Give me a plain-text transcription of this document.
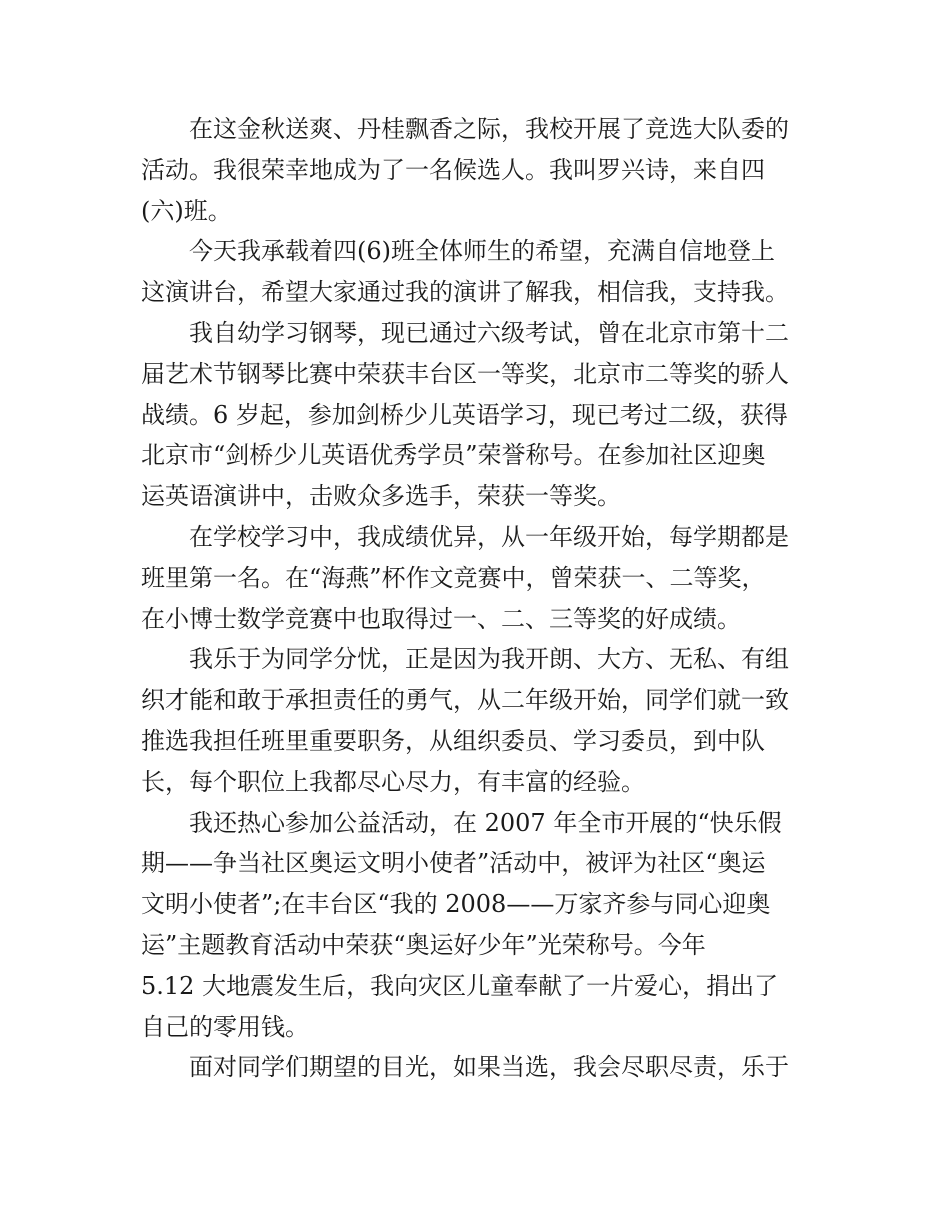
在这金秋送爽、丹桂飘香之际，我校开展了竞选大队委的
活动。我很荣幸地成为了一名候选人。我叫罗兴诗，来自四
(六)班。
今天我承载着四(6)班全体师生的希望，充满自信地登上
这演讲台，希望大家通过我的演讲了解我，相信我，支持我。
我自幼学习钢琴，现已通过六级考试，曾在北京市第十二
届艺术节钢琴比赛中荣获丰台区一等奖，北京市二等奖的骄人
战绩。6 岁起，参加剑桥少儿英语学习，现已考过二级，获得
北京市“剑桥少儿英语优秀学员”荣誉称号。在参加社区迎奥
运英语演讲中，击败众多选手，荣获一等奖。
在学校学习中，我成绩优异，从一年级开始，每学期都是
班里第一名。在“海燕”杯作文竞赛中，曾荣获一、二等奖，
在小博士数学竞赛中也取得过一、二、三等奖的好成绩。
我乐于为同学分忧，正是因为我开朗、大方、无私、有组
织才能和敢于承担责任的勇气，从二年级开始，同学们就一致
推选我担任班里重要职务，从组织委员、学习委员，到中队
长，每个职位上我都尽心尽力，有丰富的经验。
我还热心参加公益活动，在 2007 年全市开展的“快乐假
期——争当社区奥运文明小使者”活动中，被评为社区“奥运
文明小使者”;在丰台区“我的 2008——万家齐参与同心迎奥
运”主题教育活动中荣获“奥运好少年”光荣称号。今年
5.12 大地震发生后，我向灾区儿童奉献了一片爱心，捐出了
自己的零用钱。
面对同学们期望的目光，如果当选，我会尽职尽责，乐于
